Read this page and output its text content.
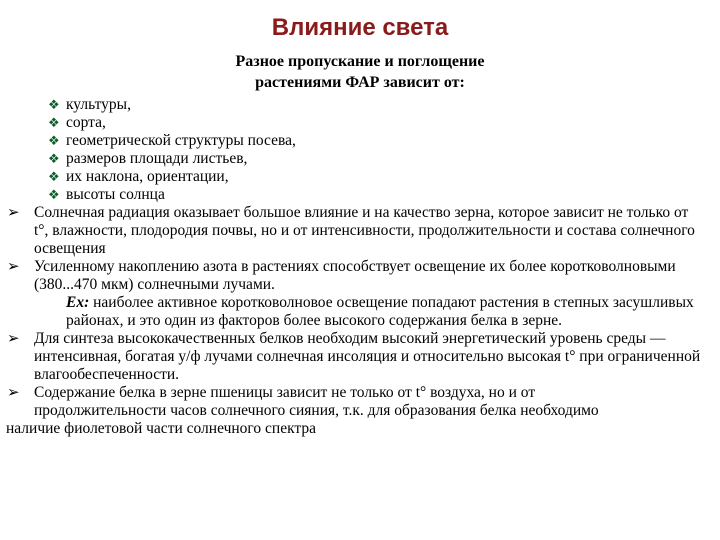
Влияние света
Разное пропускание и поглощение растениями ФАР зависит от:
❖ культуры,
❖ сорта,
❖ геометрической структуры посева,
❖ размеров площади листьев,
❖ их наклона, ориентации,
❖ высоты солнца
➢ Солнечная радиация оказывает большое влияние и на качество зерна, которое зависит не только от t°, влажности, плодородия почвы, но и от интенсивности, продолжительности и состава солнечного освещения
➢ Усиленному накоплению азота в растениях способствует освещение их более коротковолновыми (380...470 мкм) солнечными лучами.
Ex: наиболее активное коротковолновое освещение попадают растения в степных засушливых районах, и это один из факторов более высокого содержания белка в зерне.
➢ Для синтеза высококачественных белков необходим высокий энергетический уровень среды — интенсивная, богатая у/ф лучами солнечная инсоляция и относительно высокая t° при ограниченной влагообеспеченности.
➢ Содержание белка в зерне пшеницы зависит не только от t° воздуха, но и от
продолжительности часов солнечного сияния, т.к. для образования белка необходимо
наличие фиолетовой части солнечного спектра
